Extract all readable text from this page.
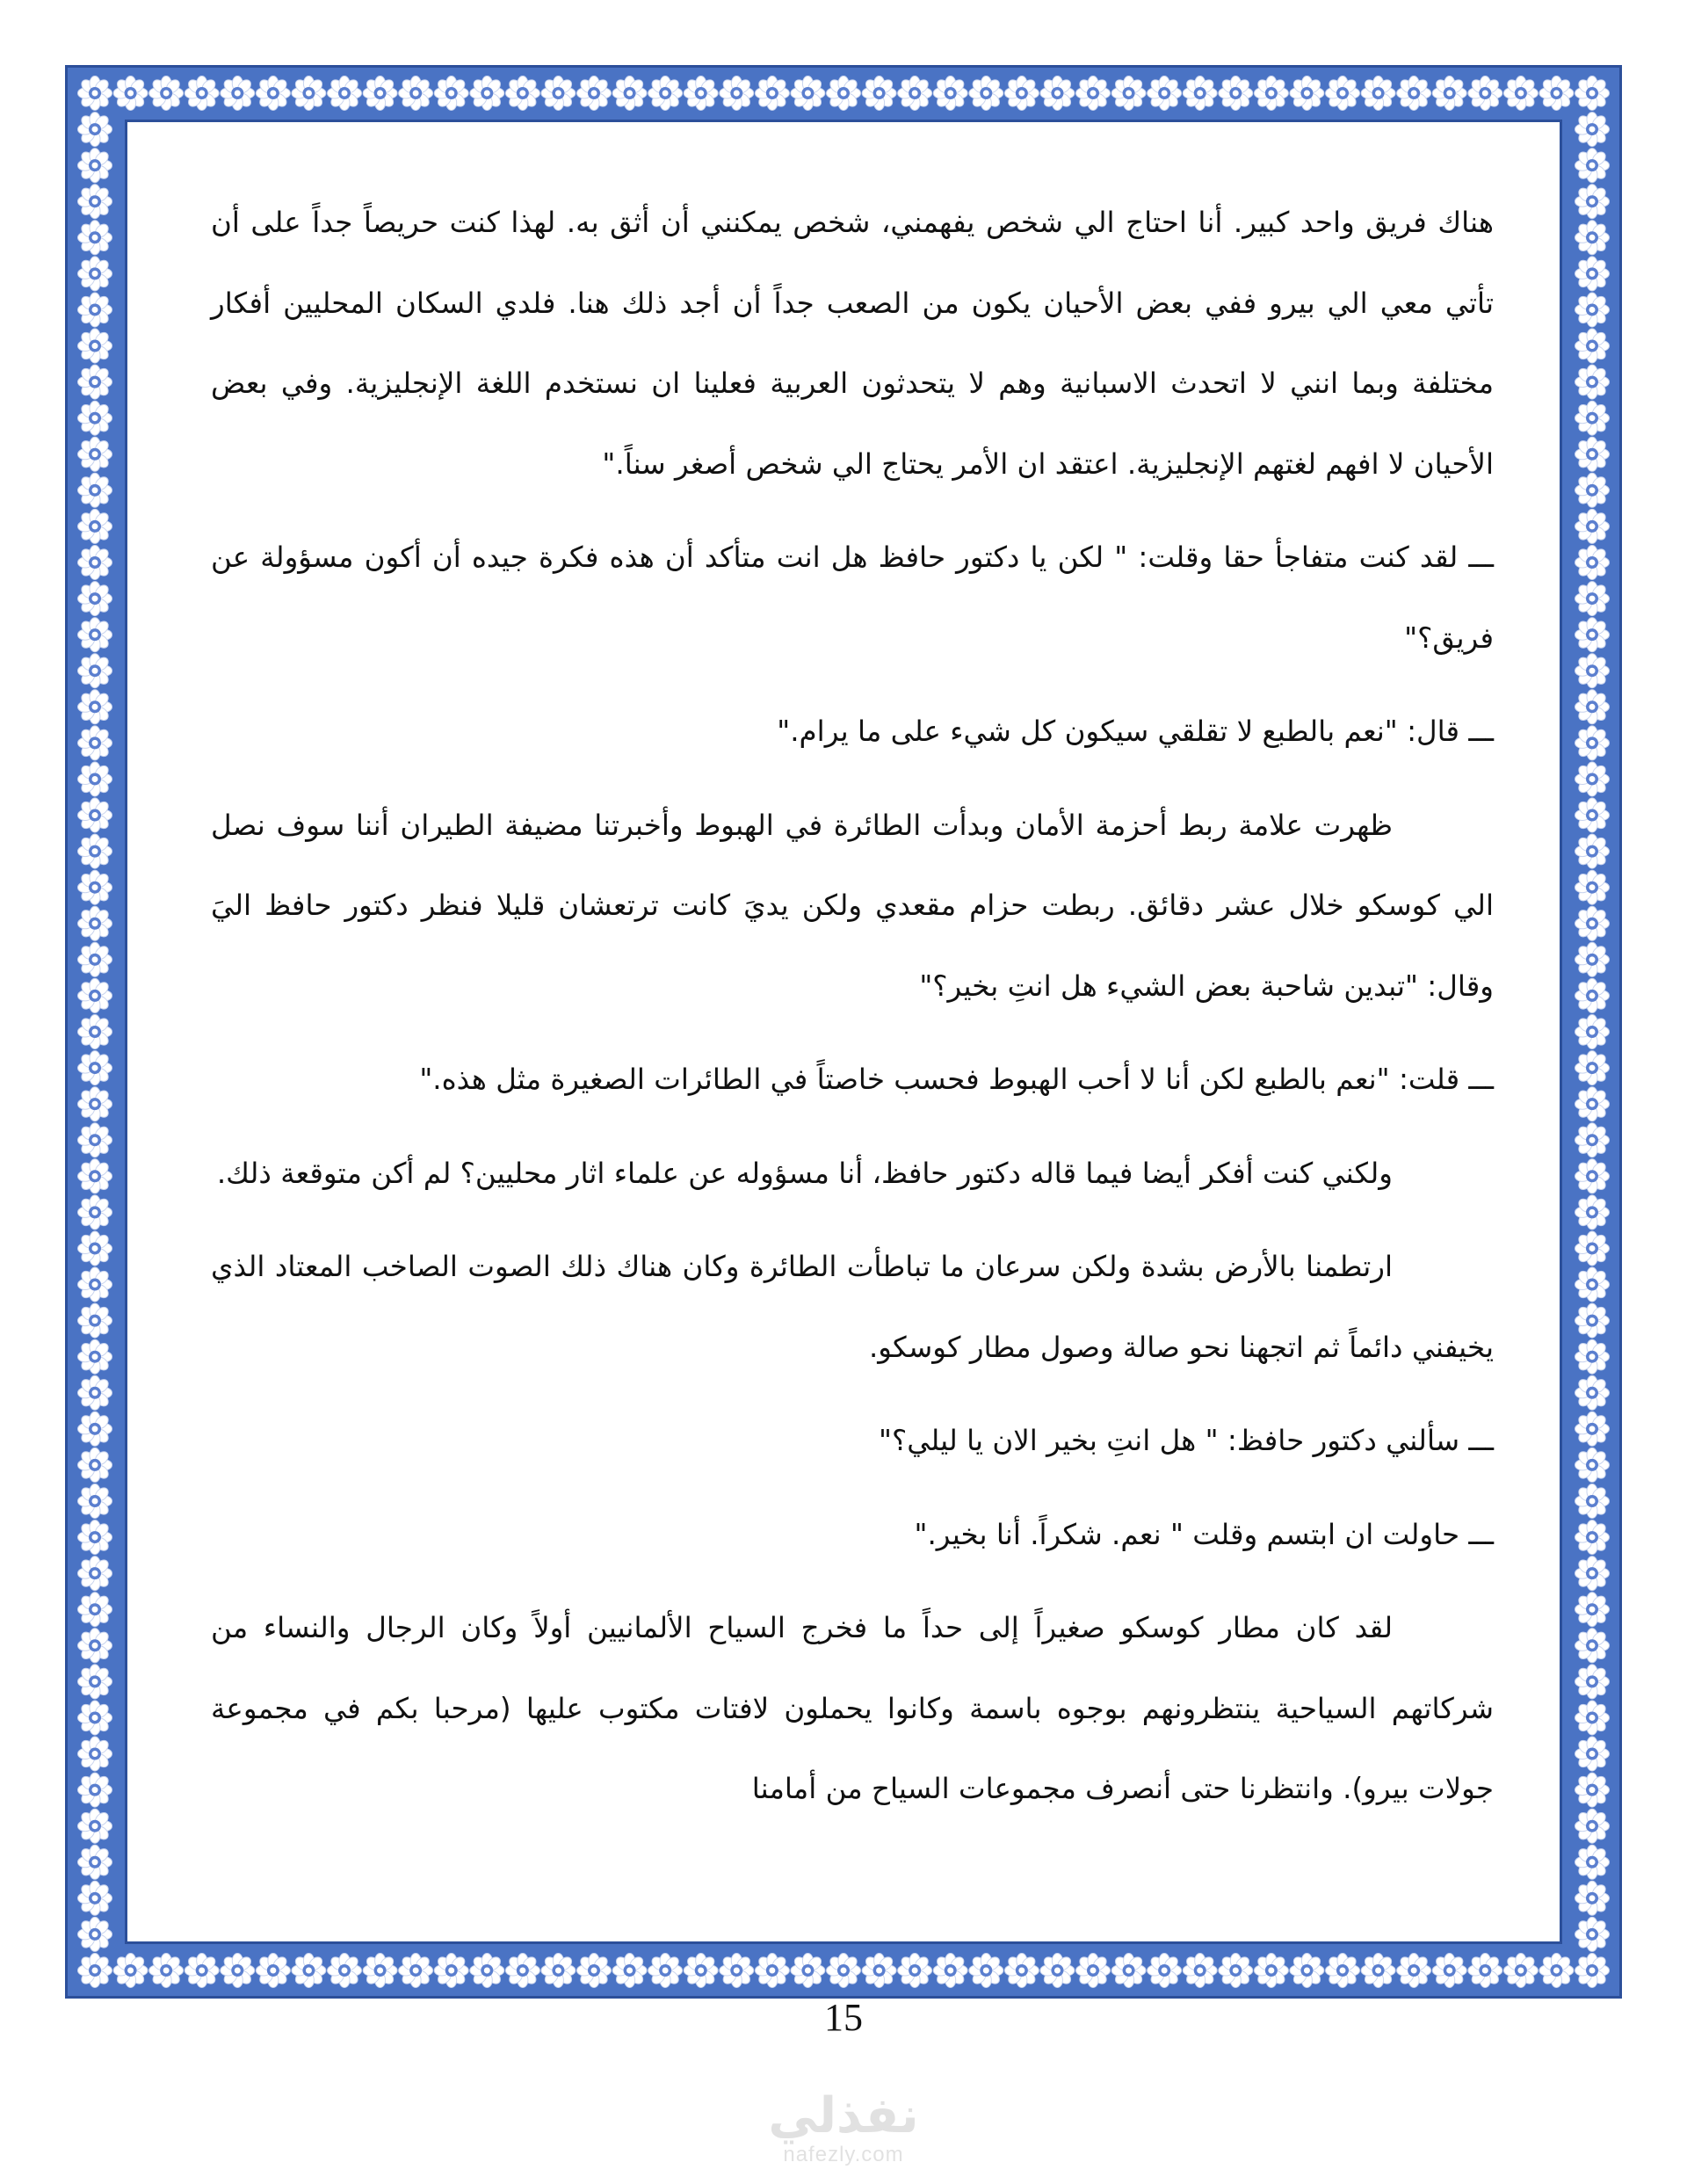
هناك فريق واحد كبير. أنا احتاج الي شخص يفهمني، شخص يمكنني أن أثق به. لهذا كنت حريصاً جداً على أن تأتي معي الي بيرو ففي بعض الأحيان يكون من الصعب جداً أن أجد ذلك هنا. فلدي السكان المحليين أفكار مختلفة وبما انني لا اتحدث الاسبانية وهم لا يتحدثون العربية فعلينا ان نستخدم اللغة الإنجليزية. وفي بعض الأحيان لا افهم لغتهم الإنجليزية. اعتقد ان الأمر يحتاج الي شخص أصغر سناً."

ـــ لقد كنت متفاجأ حقا وقلت: " لكن يا دكتور حافظ هل انت متأكد أن هذه فكرة جيده أن أكون مسؤولة عن فريق؟"

ـــ قال: "نعم بالطبع لا تقلقي سيكون كل شيء على ما يرام."

ظهرت علامة ربط أحزمة الأمان وبدأت الطائرة في الهبوط وأخبرتنا مضيفة الطيران أننا سوف نصل الي كوسكو خلال عشر دقائق. ربطت حزام مقعدي ولكن يديَ كانت ترتعشان قليلا فنظر دكتور حافظ اليَ وقال: "تبدين شاحبة بعض الشيء هل انتِ بخير؟"

ـــ قلت: "نعم بالطبع لكن أنا لا أحب الهبوط فحسب خاصتاً في الطائرات الصغيرة مثل هذه."

ولكني كنت أفكر أيضا فيما قاله دكتور حافظ، أنا مسؤوله عن علماء اثار محليين؟ لم أكن متوقعة ذلك.

ارتطمنا بالأرض بشدة ولكن سرعان ما تباطأت الطائرة وكان هناك ذلك الصوت الصاخب المعتاد الذي يخيفني دائماً ثم اتجهنا نحو صالة وصول مطار كوسكو.

ـــ سألني دكتور حافظ: " هل انتِ بخير الان يا ليلي؟"

ـــ حاولت ان ابتسم وقلت " نعم. شكراً. أنا بخير."

لقد كان مطار كوسكو صغيراً إلى حداً ما فخرج السياح الألمانيين أولاً وكان الرجال والنساء من شركاتهم السياحية ينتظرونهم بوجوه باسمة وكانوا يحملون لافتات مكتوب عليها (مرحبا بكم في مجموعة جولات بيرو). وانتظرنا حتى أنصرف مجموعات السياح من أمامنا

15
نفذلي
nafezly.com
